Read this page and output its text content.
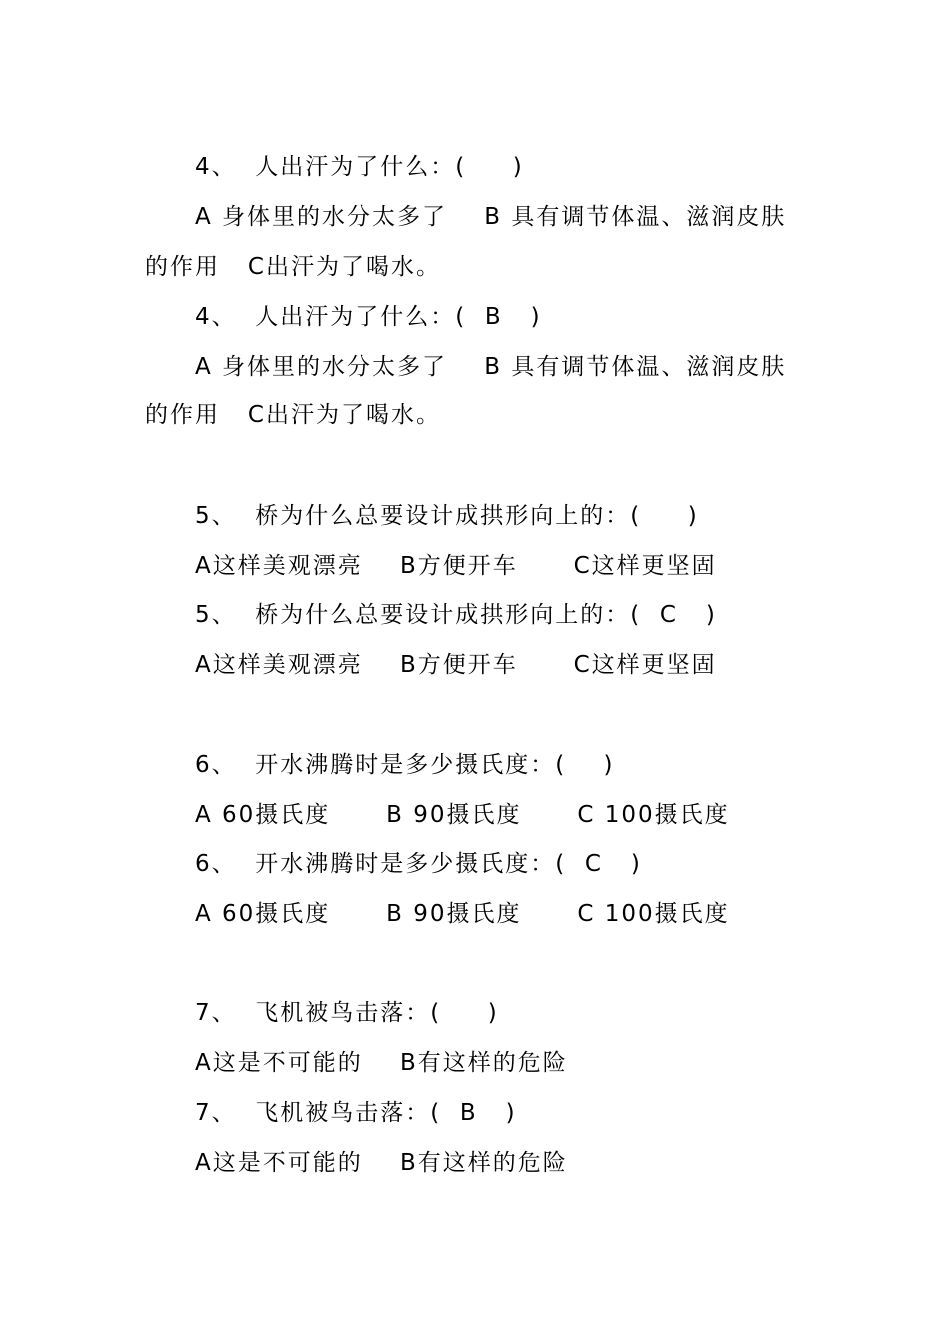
4、  人出汗为了什么：(     )
A 身体里的水分太多了    B 具有调节体温、滋润皮肤
的作用   C出汗为了喝水。
4、  人出汗为了什么：(  B   )
A 身体里的水分太多了    B 具有调节体温、滋润皮肤
的作用   C出汗为了喝水。
5、  桥为什么总要设计成拱形向上的：(     )
A这样美观漂亮    B方便开车      C这样更坚固
5、  桥为什么总要设计成拱形向上的：(  C   )
A这样美观漂亮    B方便开车      C这样更坚固
6、  开水沸腾时是多少摄氏度：(    )
A 60摄氏度      B 90摄氏度      C 100摄氏度
6、  开水沸腾时是多少摄氏度：(  C   )
A 60摄氏度      B 90摄氏度      C 100摄氏度
7、  飞机被鸟击落：(     )
A这是不可能的    B有这样的危险
7、  飞机被鸟击落：(  B   )
A这是不可能的    B有这样的危险
